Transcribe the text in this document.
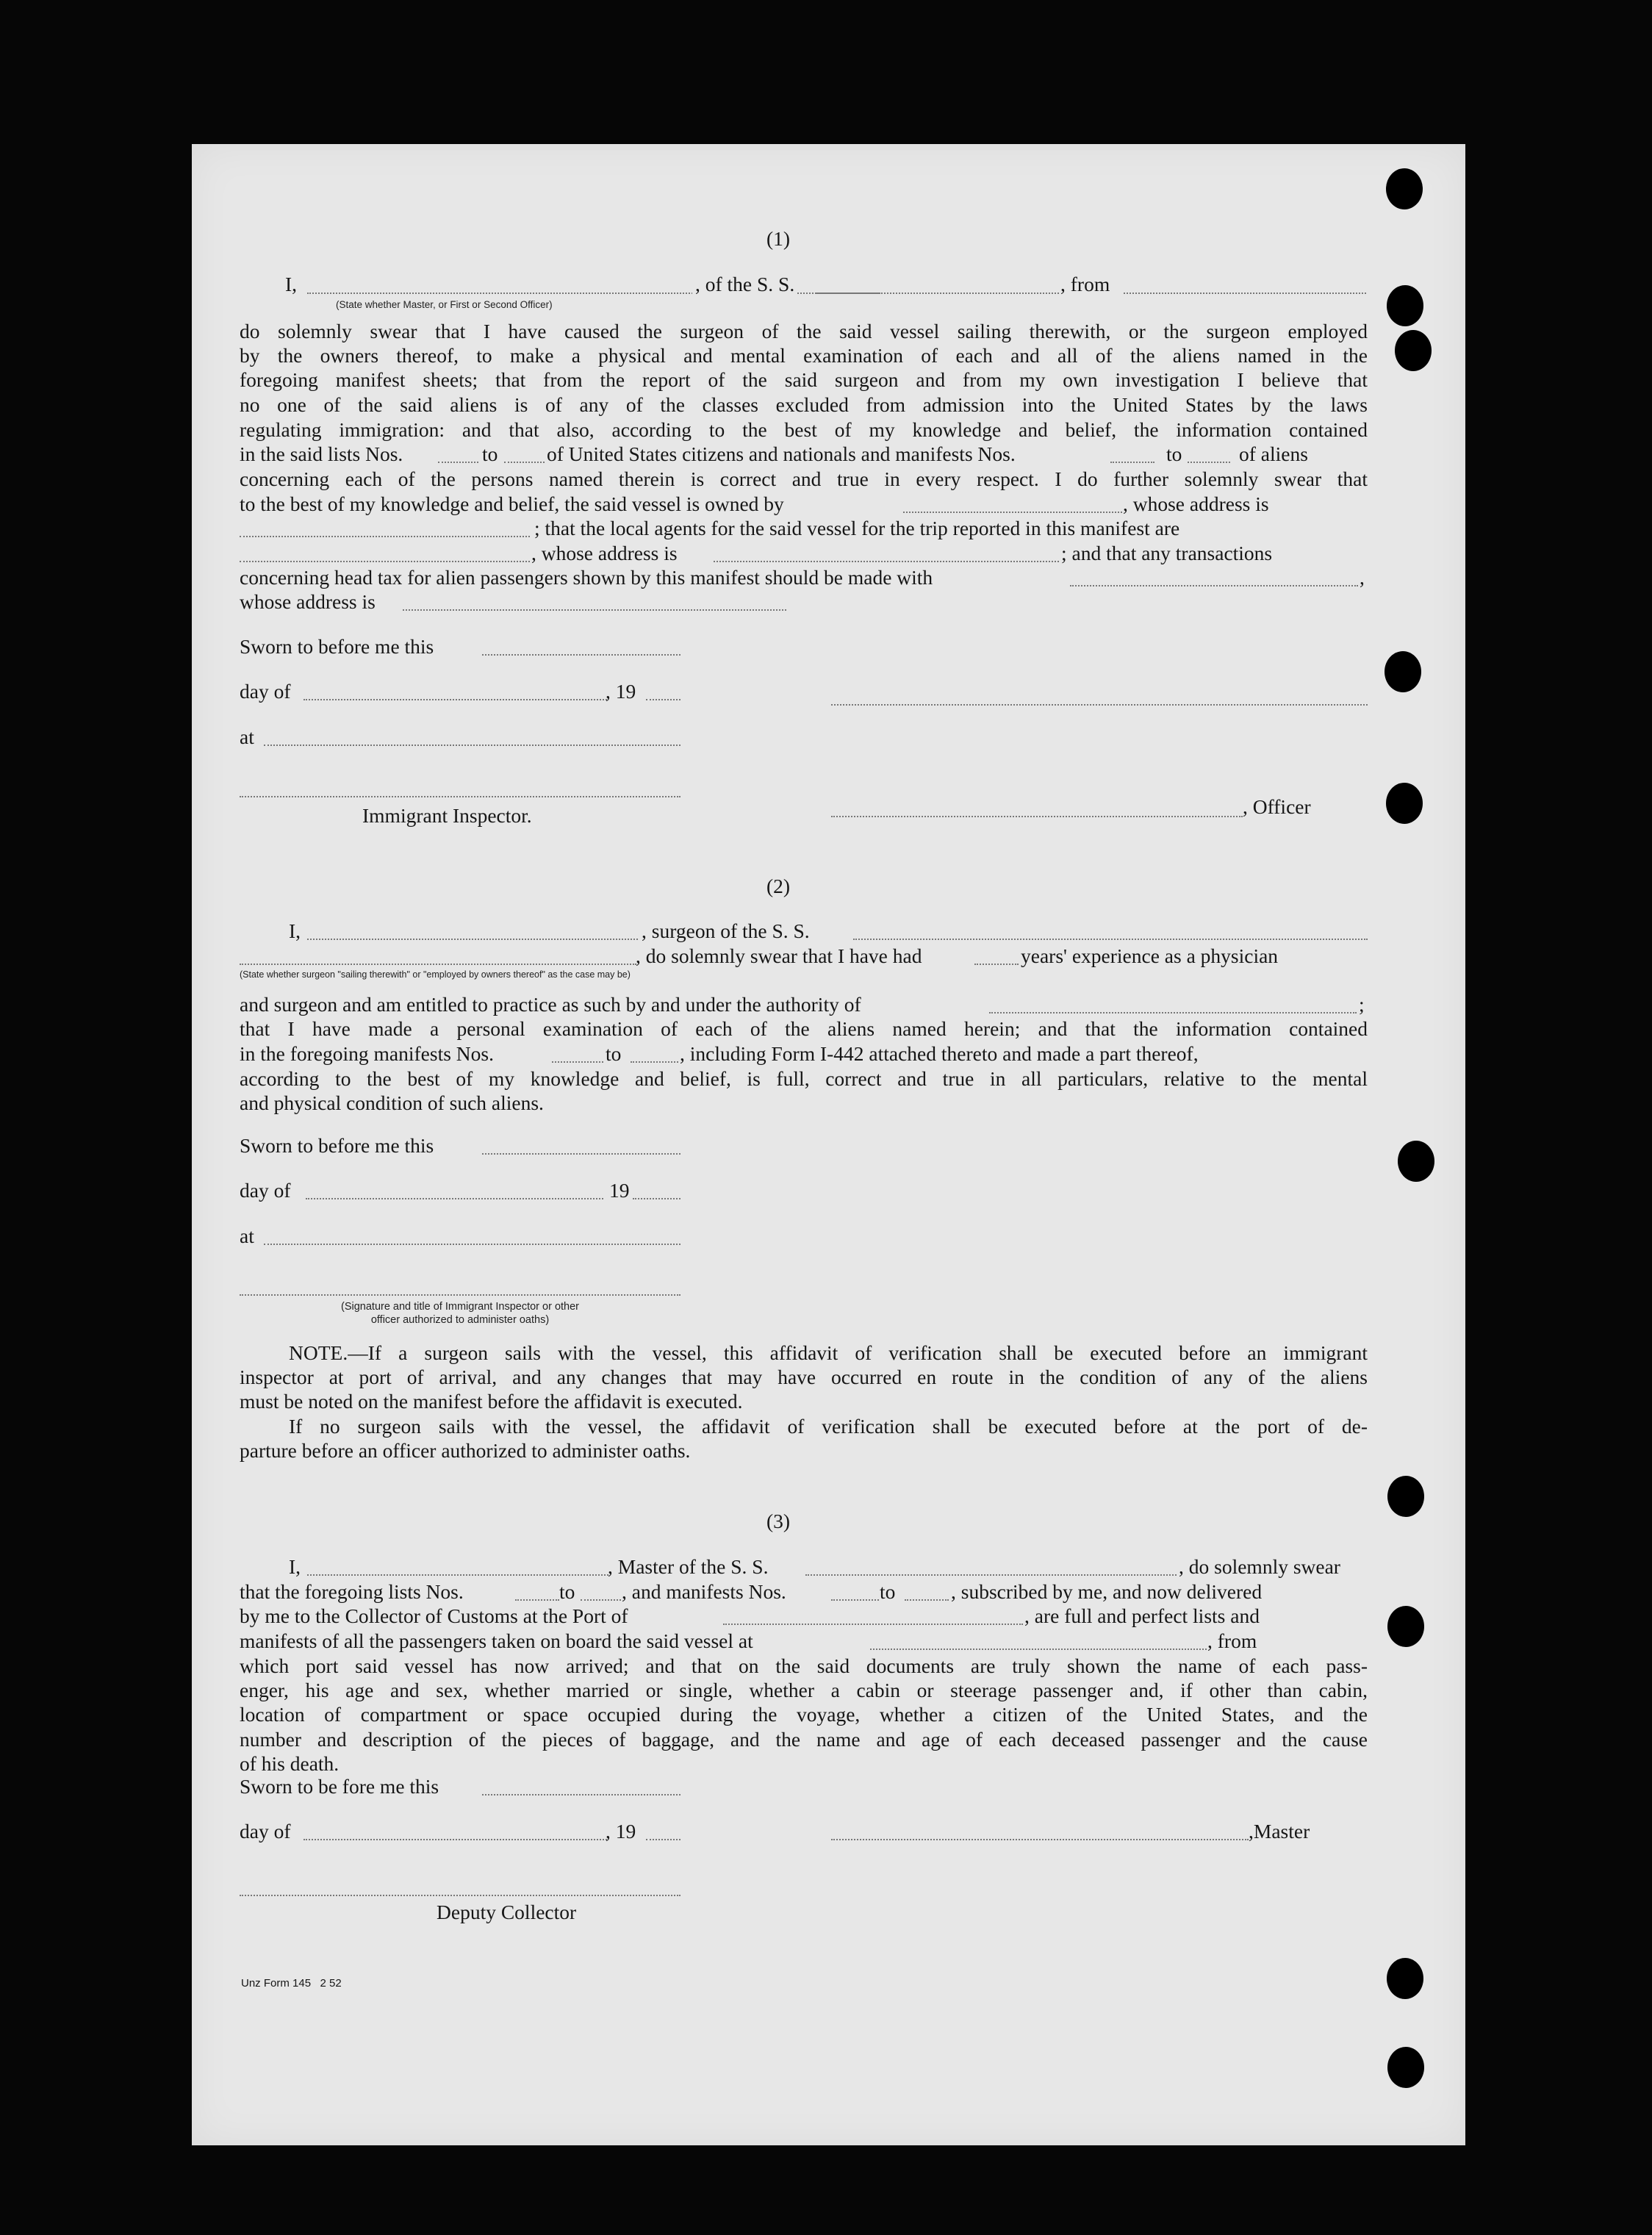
(1)
I,	, of the S. S.	, from
(State whether Master, or First or Second Officer)
do solemnly swear that I have caused the surgeon of the said vessel sailing therewith, or the surgeon employed
by the owners thereof, to make a physical and mental examination of each and all of the aliens named in the
foregoing manifest sheets; that from the report of the said surgeon and from my own investigation I believe that
no one of the said aliens is of any of the classes excluded from admission into the United States by the laws
regulating immigration: and that also, according to the best of my knowledge and belief, the information contained
in the said lists Nos.	to of United States citizens and nationals and manifests Nos.	to	of aliens
concerning each of the persons named therein is correct and true in every respect. I do further solemnly swear that
to the best of my knowledge and belief, the said vessel is owned by	, whose address is
; that the local agents for the said vessel for the trip reported in this manifest are
, whose address is	; and that any transactions
concerning head tax for alien passengers shown by this manifest should be made with	,
whose address is
Sworn to before me this
day of	, 19
at
Immigrant Inspector.	, Officer
(2)
I,	, surgeon of the S. S.
, do solemnly swear that I have had	years' experience as a physician
(State whether surgeon "sailing therewith" or "employed by owners thereof" as the case may be)
and surgeon and am entitled to practice as such by and under the authority of	;
that I have made a personal examination of each of the aliens named herein; and that the information contained
in the foregoing manifests Nos.	to	, including Form I-442 attached thereto and made a part thereof,
according to the best of my knowledge and belief, is full, correct and true in all particulars, relative to the mental
and physical condition of such aliens.
Sworn to before me this
day of	19
at
(Signature and title of Immigrant Inspector or other
officer authorized to administer oaths)
NOTE.—If a surgeon sails with the vessel, this affidavit of verification shall be executed before an immigrant
inspector at port of arrival, and any changes that may have occurred en route in the condition of any of the aliens
must be noted on the manifest before the affidavit is executed.
If no surgeon sails with the vessel, the affidavit of verification shall be executed before at the port of de-
parture before an officer authorized to administer oaths.
(3)
I,	, Master of the S. S.	, do solemnly swear
that the foregoing lists Nos.	to , and manifests Nos.	to	, subscribed by me, and now delivered
by me to the Collector of Customs at the Port of	, are full and perfect lists and
manifests of all the passengers taken on board the said vessel at	, from
which port said vessel has now arrived; and that on the said documents are truly shown the name of each pass-
enger, his age and sex, whether married or single, whether a cabin or steerage passenger and, if other than cabin,
location of compartment or space occupied during the voyage, whether a citizen of the United States, and the
number and description of the pieces of baggage, and the name and age of each deceased passenger and the cause
of his death.
Sworn to be fore me this
day of	, 19	,Master
Deputy Collector
Unz Form 145   2 52
